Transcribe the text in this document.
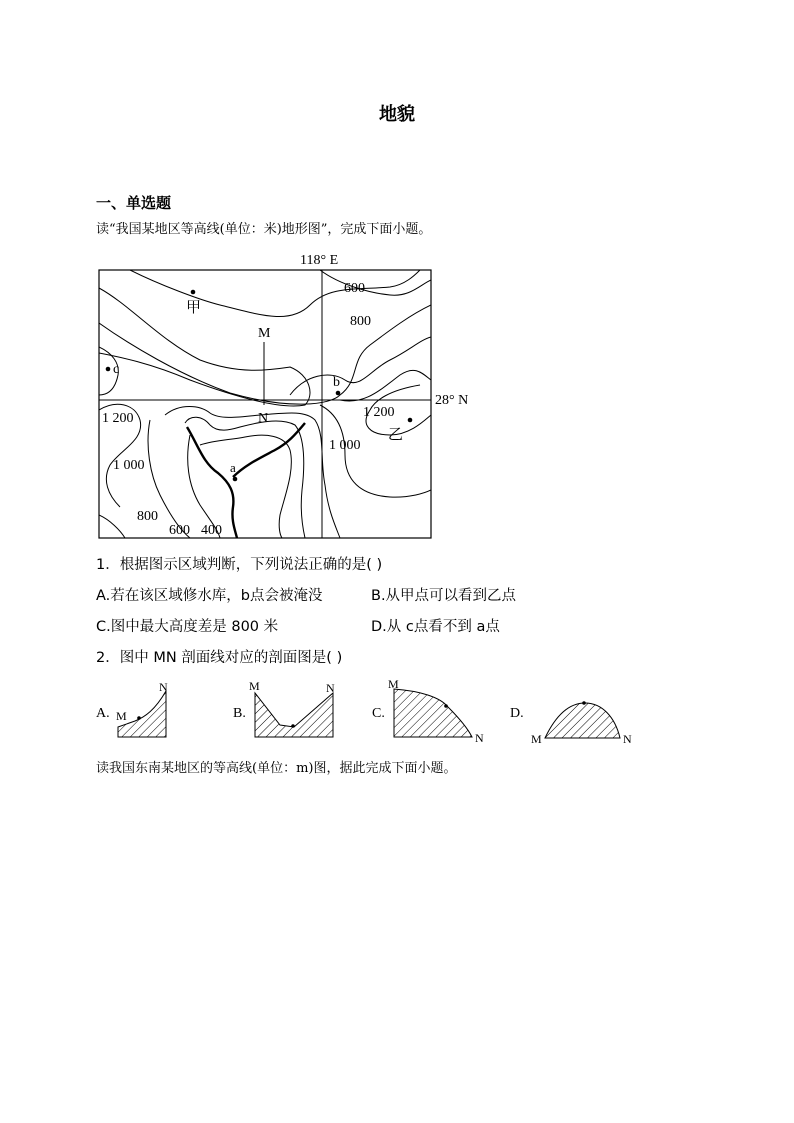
地貌
一、单选题
读“我国某地区等高线(单位：米)地形图”，完成下面小题。
118° E
28° N
600
800
1 200
1 000
1 200
1 000
800
600 400
甲
乙
a
b
c
M
N
1．根据图示区域判断，下列说法正确的是( )
A.若在该区域修水库，b点会被淹没	B.从甲点可以看到乙点
C.图中最大高度差是 800 米	D.从 c点看不到 a点
2．图中 MN 剖面线对应的剖面图是( )
A. M
N
B.
M	N
C.
M
N
D.
M	N
读我国东南某地区的等高线(单位：m)图，据此完成下面小题。
